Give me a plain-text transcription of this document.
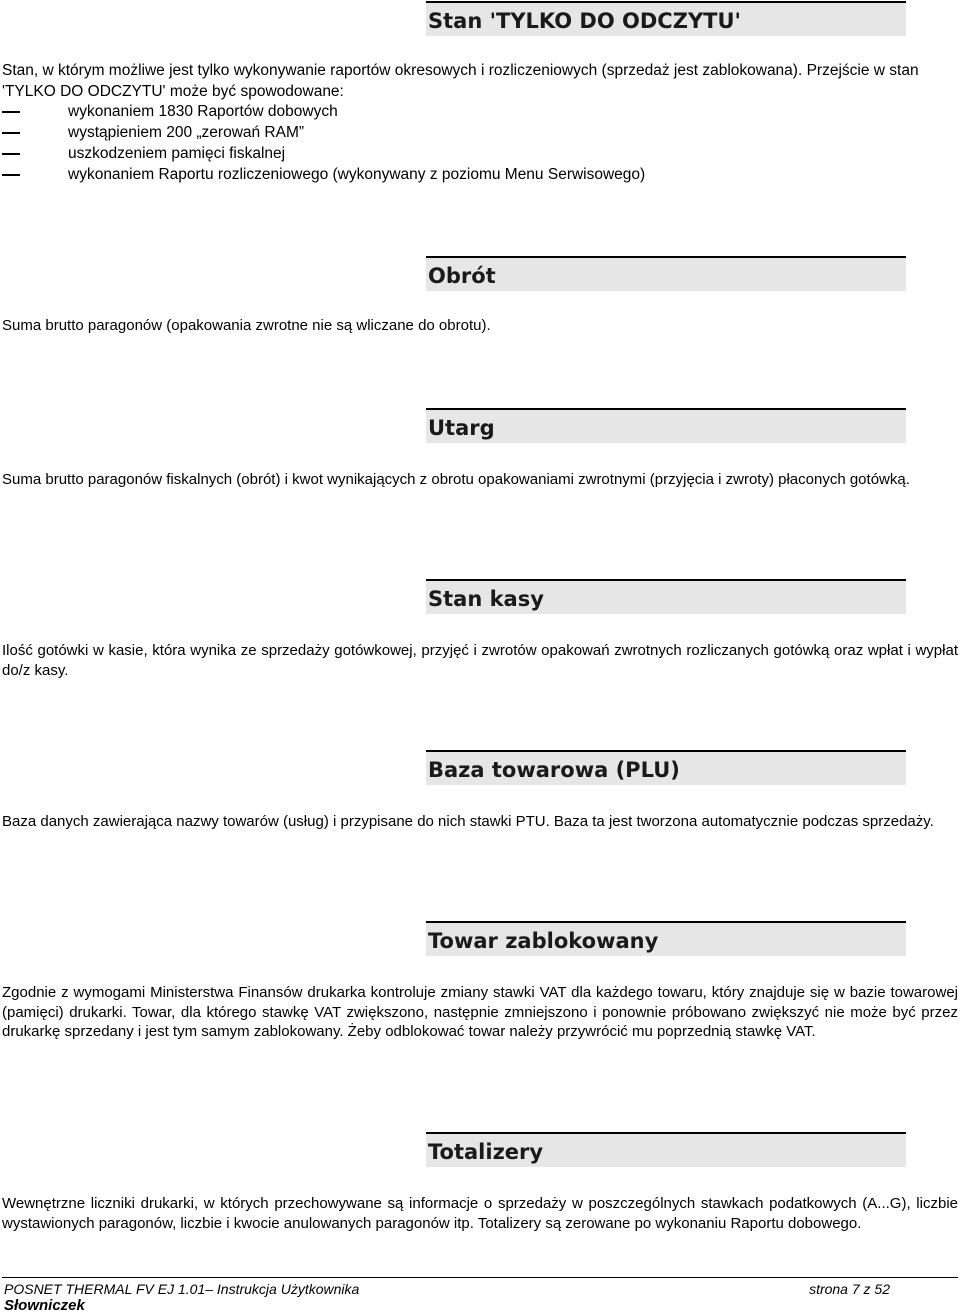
Stan 'TYLKO DO ODCZYTU'

Stan, w którym możliwe jest tylko wykonywanie raportów okresowych i rozliczeniowych (sprzedaż jest zablokowana). Przejście w stan 'TYLKO DO ODCZYTU' może być spowodowane:

wykonaniem 1830 Raportów dobowych
wystąpieniem 200 „zerowań RAM”
uszkodzeniem pamięci fiskalnej
wykonaniem Raportu rozliczeniowego (wykonywany z poziomu Menu Serwisowego)
Obrót

Suma brutto paragonów (opakowania zwrotne nie są wliczane do obrotu).

Utarg

Suma brutto paragonów fiskalnych (obrót) i kwot wynikających z obrotu opakowaniami zwrotnymi (przyjęcia i zwroty) płaconych gotówką.

Stan kasy

Ilość gotówki w kasie, która wynika ze sprzedaży gotówkowej, przyjęć i zwrotów opakowań zwrotnych rozliczanych gotówką oraz wpłat i wypłat do/z kasy.

Baza towarowa (PLU)

Baza danych zawierająca nazwy towarów (usług) i przypisane do nich stawki PTU. Baza ta jest tworzona automatycznie podczas sprzedaży.

Towar zablokowany

Zgodnie z wymogami Ministerstwa Finansów drukarka kontroluje zmiany stawki VAT dla każdego towaru, który znajduje się w bazie towarowej (pamięci) drukarki. Towar, dla którego stawkę VAT zwiększono, następnie zmniejszono i ponownie próbowano zwiększyć nie może być przez drukarkę sprzedany i jest tym samym zablokowany. Żeby odblokować towar należy przywrócić mu poprzednią stawkę VAT.

Totalizery

Wewnętrzne liczniki drukarki, w których przechowywane są informacje o sprzedaży w poszczególnych stawkach podatkowych (A...G), liczbie wystawionych paragonów, liczbie i kwocie anulowanych paragonów itp. Totalizery są zerowane po wykonaniu Raportu dobowego.

POSNET THERMAL FV EJ 1.01– Instrukcja Użytkownika	strona 7 z 52
Słowniczek
